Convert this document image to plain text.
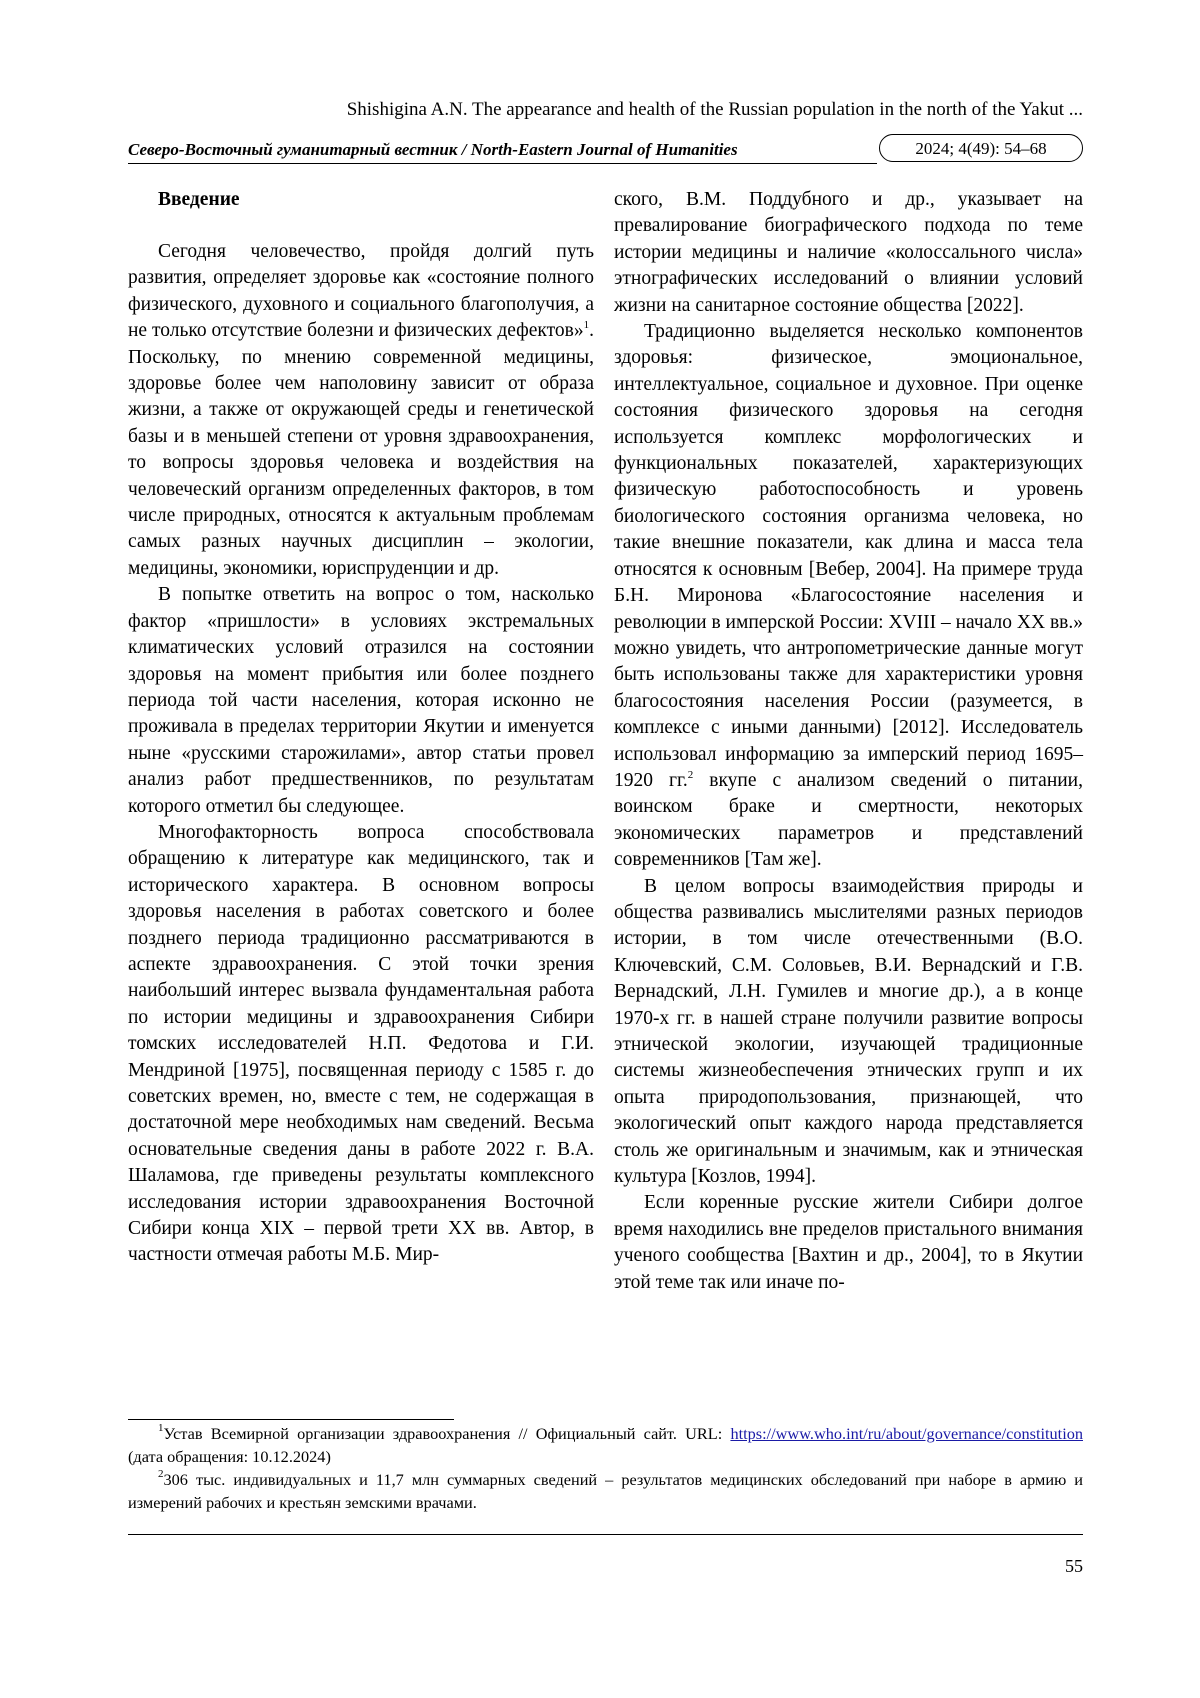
Shishigina A.N. The appearance and health of the Russian population in the north of the Yakut ...
Северо-Восточный гуманитарный вестник / North-Eastern Journal of Humanities	2024; 4(49): 54–68
Введение

Сегодня человечество, пройдя долгий путь развития, определяет здоровье как «состояние полного физического, духовного и социального благополучия, а не только отсутствие болезни и физических дефектов»$^1$. Поскольку, по мнению современной медицины, здоровье более чем наполовину зависит от образа жизни, а также от окружающей среды и генетической базы и в меньшей степени от уровня здравоохранения, то вопросы здоровья человека и воздействия на человеческий организм определенных факторов, в том числе природных, относятся к актуальным проблемам самых разных научных дисциплин – экологии, медицины, экономики, юриспруденции и др.

В попытке ответить на вопрос о том, насколько фактор «пришлости» в условиях экстремальных климатических условий отразился на состоянии здоровья на момент прибытия или более позднего периода той части населения, которая исконно не проживала в пределах территории Якутии и именуется ныне «русскими старожилами», автор статьи провел анализ работ предшественников, по результатам которого отметил бы следующее.

Многофакторность вопроса способствовала обращению к литературе как медицинского, так и исторического характера. В основном вопросы здоровья населения в работах советского и более позднего периода традиционно рассматриваются в аспекте здравоохранения. С этой точки зрения наибольший интерес вызвала фундаментальная работа по истории медицины и здравоохранения Сибири томских исследователей Н.П. Федотова и Г.И. Мендриной [1975], посвященная периоду с 1585 г. до советских времен, но, вместе с тем, не содержащая в достаточной мере необходимых нам сведений. Весьма основательные сведения даны в работе 2022 г. В.А. Шаламова, где приведены результаты комплексного исследования истории здравоохранения Восточной Сибири конца XIX – первой трети XX вв. Автор, в частности отмечая работы М.Б. Мир-

ского, В.М. Поддубного и др., указывает на превалирование биографического подхода по теме истории медицины и наличие «колоссального числа» этнографических исследований о влиянии условий жизни на санитарное состояние общества [2022].

Традиционно выделяется несколько компонентов здоровья: физическое, эмоциональное, интеллектуальное, социальное и духовное. При оценке состояния физического здоровья на сегодня используется комплекс морфологических и функциональных показателей, характеризующих физическую работоспособность и уровень биологического состояния организма человека, но такие внешние показатели, как длина и масса тела относятся к основным [Вебер, 2004]. На примере труда Б.Н. Миронова «Благосостояние населения и революции в имперской России: XVIII – начало XX вв.» можно увидеть, что антропометрические данные могут быть использованы также для характеристики уровня благосостояния населения России (разумеется, в комплексе с иными данными) [2012]. Исследователь использовал информацию за имперский период 1695–1920 гг.$^2$ вкупе с анализом сведений о питании, воинском браке и смертности, некоторых экономических параметров и представлений современников [Там же].

В целом вопросы взаимодействия природы и общества развивались мыслителями разных периодов истории, в том числе отечественными (В.О. Ключевский, С.М. Соловьев, В.И. Вернадский и Г.В. Вернадский, Л.Н. Гумилев и многие др.), а в конце 1970-х гг. в нашей стране получили развитие вопросы этнической экологии, изучающей традиционные системы жизнеобеспечения этнических групп и их опыта природопользования, признающей, что экологический опыт каждого народа представляется столь же оригинальным и значимым, как и этническая культура [Козлов, 1994].

Если коренные русские жители Сибири долгое время находились вне пределов пристального внимания ученого сообщества [Вахтин и др., 2004], то в Якутии этой теме так или иначе по-

$^1$Устав Всемирной организации здравоохранения // Официальный сайт. URL: https://www.who.int/ru/about/governance/constitution (дата обращения: 10.12.2024)

$^2$306 тыс. индивидуальных и 11,7 млн суммарных сведений – результатов медицинских обследований при наборе в армию и измерений рабочих и крестьян земскими врачами.

55
